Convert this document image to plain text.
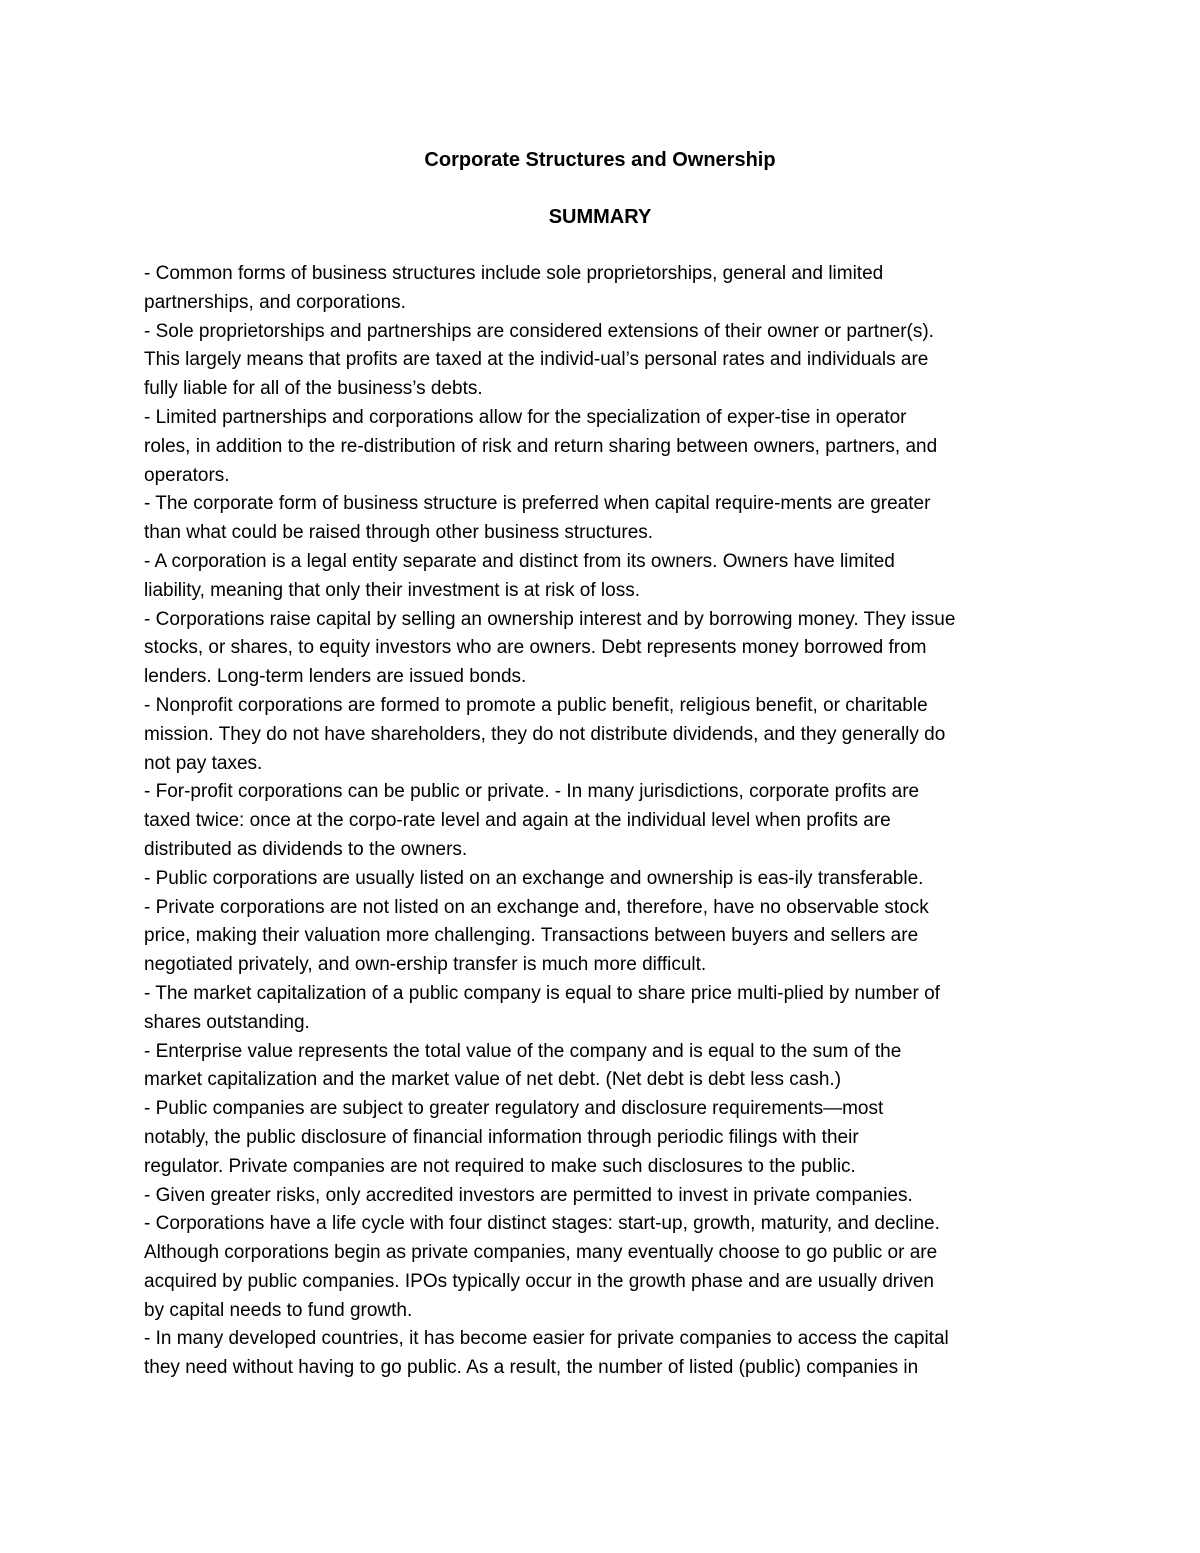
Corporate Structures and Ownership
SUMMARY
- Common forms of business structures include sole proprietorships, general and limited
partnerships, and corporations.
- Sole proprietorships and partnerships are considered extensions of their owner or partner(s).
This largely means that profits are taxed at the individ-ual’s personal rates and individuals are
fully liable for all of the business’s debts.
- Limited partnerships and corporations allow for the specialization of exper-tise in operator
roles, in addition to the re-distribution of risk and return sharing between owners, partners, and
operators.
- The corporate form of business structure is preferred when capital require-ments are greater
than what could be raised through other business structures.
- A corporation is a legal entity separate and distinct from its owners. Owners have limited
liability, meaning that only their investment is at risk of loss.
- Corporations raise capital by selling an ownership interest and by borrowing money. They issue
stocks, or shares, to equity investors who are owners. Debt represents money borrowed from
lenders. Long-term lenders are issued bonds.
- Nonprofit corporations are formed to promote a public benefit, religious benefit, or charitable
mission. They do not have shareholders, they do not distribute dividends, and they generally do
not pay taxes.
- For-profit corporations can be public or private. - In many jurisdictions, corporate profits are
taxed twice: once at the corpo-rate level and again at the individual level when profits are
distributed as dividends to the owners.
- Public corporations are usually listed on an exchange and ownership is eas-ily transferable.
- Private corporations are not listed on an exchange and, therefore, have no observable stock
price, making their valuation more challenging. Transactions between buyers and sellers are
negotiated privately, and own-ership transfer is much more difficult.
- The market capitalization of a public company is equal to share price multi-plied by number of
shares outstanding.
- Enterprise value represents the total value of the company and is equal to the sum of the
market capitalization and the market value of net debt. (Net debt is debt less cash.)
- Public companies are subject to greater regulatory and disclosure requirements—most
notably, the public disclosure of financial information through periodic filings with their
regulator. Private companies are not required to make such disclosures to the public.
- Given greater risks, only accredited investors are permitted to invest in private companies.
- Corporations have a life cycle with four distinct stages: start-up, growth, maturity, and decline.
Although corporations begin as private companies, many eventually choose to go public or are
acquired by public companies. IPOs typically occur in the growth phase and are usually driven
by capital needs to fund growth.
- In many developed countries, it has become easier for private companies to access the capital
they need without having to go public. As a result, the number of listed (public) companies in
